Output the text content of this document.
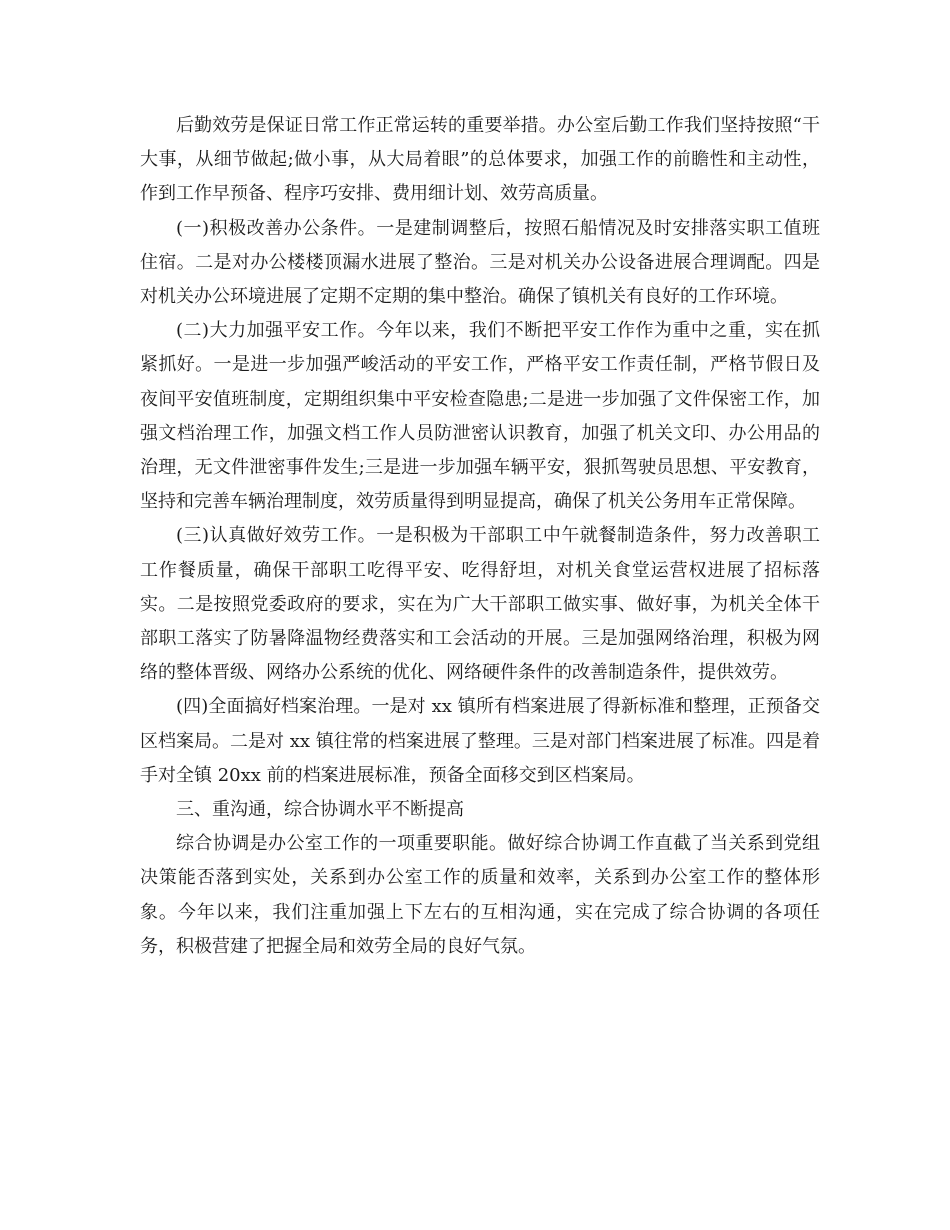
后勤效劳是保证日常工作正常运转的重要举措。办公室后勤工作我们坚持按照“干大事，从细节做起;做小事，从大局着眼”的总体要求，加强工作的前瞻性和主动性，作到工作早预备、程序巧安排、费用细计划、效劳高质量。

(一)积极改善办公条件。一是建制调整后，按照石船情况及时安排落实职工值班住宿。二是对办公楼楼顶漏水进展了整治。三是对机关办公设备进展合理调配。四是对机关办公环境进展了定期不定期的集中整治。确保了镇机关有良好的工作环境。

(二)大力加强平安工作。今年以来，我们不断把平安工作作为重中之重，实在抓紧抓好。一是进一步加强严峻活动的平安工作，严格平安工作责任制，严格节假日及夜间平安值班制度，定期组织集中平安检查隐患;二是进一步加强了文件保密工作，加强文档治理工作，加强文档工作人员防泄密认识教育，加强了机关文印、办公用品的治理，无文件泄密事件发生;三是进一步加强车辆平安，狠抓驾驶员思想、平安教育，坚持和完善车辆治理制度，效劳质量得到明显提高，确保了机关公务用车正常保障。

(三)认真做好效劳工作。一是积极为干部职工中午就餐制造条件，努力改善职工工作餐质量，确保干部职工吃得平安、吃得舒坦，对机关食堂运营权进展了招标落实。二是按照党委政府的要求，实在为广大干部职工做实事、做好事，为机关全体干部职工落实了防暑降温物经费落实和工会活动的开展。三是加强网络治理，积极为网络的整体晋级、网络办公系统的优化、网络硬件条件的改善制造条件，提供效劳。

(四)全面搞好档案治理。一是对 xx 镇所有档案进展了得新标准和整理，正预备交区档案局。二是对 xx 镇往常的档案进展了整理。三是对部门档案进展了标准。四是着手对全镇 20xx 前的档案进展标准，预备全面移交到区档案局。

三、重沟通，综合协调水平不断提高

综合协调是办公室工作的一项重要职能。做好综合协调工作直截了当关系到党组决策能否落到实处，关系到办公室工作的质量和效率，关系到办公室工作的整体形象。今年以来，我们注重加强上下左右的互相沟通，实在完成了综合协调的各项任务，积极营建了把握全局和效劳全局的良好气氛。
